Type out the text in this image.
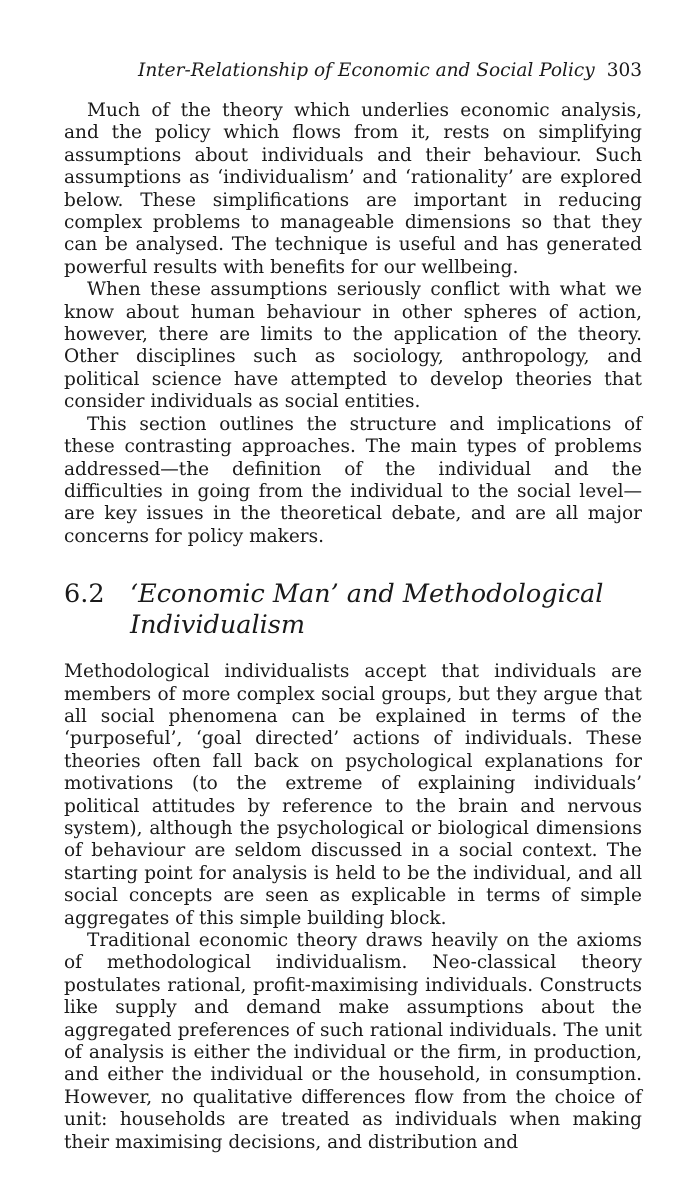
Inter-Relationship of Economic and Social Policy 303

Much of the theory which underlies economic analysis, and the policy which flows from it, rests on simplifying assumptions about individuals and their behaviour. Such assumptions as ‘individualism’ and ‘rationality’ are explored below. These simplifications are important in reducing complex problems to manageable dimensions so that they can be analysed. The technique is useful and has generated powerful results with benefits for our wellbeing.

When these assumptions seriously conflict with what we know about human behaviour in other spheres of action, however, there are limits to the application of the theory. Other disciplines such as sociology, anthropology, and political science have attempted to develop theories that consider individuals as social entities.

This section outlines the structure and implications of these contrasting approaches. The main types of problems addressed—the definition of the individual and the difficulties in going from the individual to the social level—are key issues in the theoretical debate, and are all major concerns for policy makers.

6.2 ‘Economic Man’ and Methodological Individualism

Methodological individualists accept that individuals are members of more complex social groups, but they argue that all social phenomena can be explained in terms of the ‘purposeful’, ‘goal directed’ actions of individuals. These theories often fall back on psychological explanations for motivations (to the extreme of explaining individuals’ political attitudes by reference to the brain and nervous system), although the psychological or biological dimensions of behaviour are seldom discussed in a social context. The starting point for analysis is held to be the individual, and all social concepts are seen as explicable in terms of simple aggregates of this simple building block.

Traditional economic theory draws heavily on the axioms of methodological individualism. Neo-classical theory postulates rational, profit-maximising individuals. Constructs like supply and demand make assumptions about the aggregated preferences of such rational individuals. The unit of analysis is either the individual or the firm, in production, and either the individual or the household, in consumption. However, no qualitative differences flow from the choice of unit: households are treated as individuals when making their maximising decisions, and distribution and
